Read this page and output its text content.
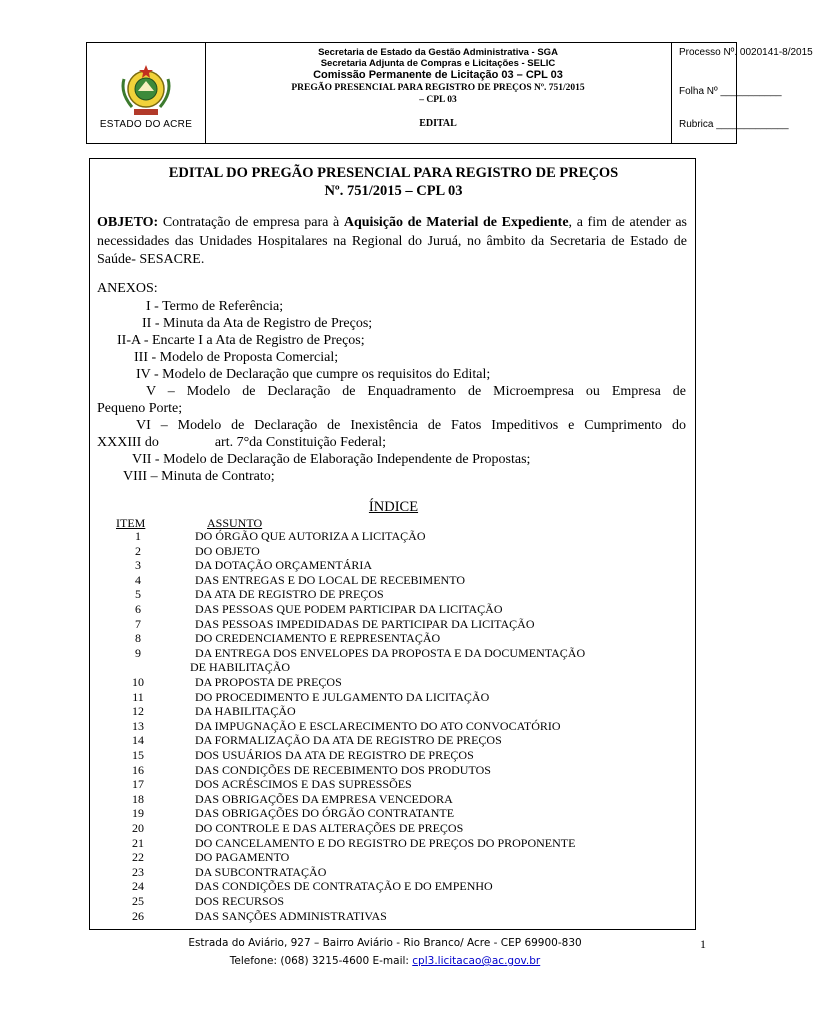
ESTADO DO ACRE
Secretaria de Estado da Gestão Administrativa - SGA
Secretaria Adjunta de Compras e Licitações - SELIC
Comissão Permanente de Licitação 03 – CPL 03
PREGÃO PRESENCIAL PARA REGISTRO DE PREÇOS Nº. 751/2015
– CPL 03
EDITAL
Processo Nº. 0020141-8/2015
Folha Nº ___________
Rubrica _____________
EDITAL DO PREGÃO PRESENCIAL PARA REGISTRO DE PREÇOS
Nº. 751/2015 – CPL 03
OBJETO: Contratação de empresa para à Aquisição de Material de Expediente, a fim de atender as necessidades das Unidades Hospitalares na Regional do Juruá, no âmbito da Secretaria de Estado de Saúde- SESACRE.
ANEXOS:
I - Termo de Referência;
II - Minuta da Ata de Registro de Preços;
II-A - Encarte I a Ata de Registro de Preços;
III - Modelo de Proposta Comercial;
IV - Modelo de Declaração que cumpre os requisitos do Edital;
V – Modelo de Declaração de Enquadramento de Microempresa ou Empresa de
Pequeno Porte;
VI – Modelo de Declaração de Inexistência de Fatos Impeditivos e Cumprimento do
XXXIII do                art. 7°da Constituição Federal;
VII - Modelo de Declaração de Elaboração Independente de Propostas;
VIII – Minuta de Contrato;
ÍNDICE
ITEM	ASSUNTO
1	DO ÓRGÃO QUE AUTORIZA A LICITAÇÃO
2	DO OBJETO
3	DA DOTAÇÃO ORÇAMENTÁRIA
4	DAS ENTREGAS E DO LOCAL DE RECEBIMENTO
5	DA ATA DE REGISTRO DE PREÇOS
6	DAS PESSOAS QUE PODEM PARTICIPAR DA LICITAÇÃO
7	DAS PESSOAS IMPEDIDADAS DE PARTICIPAR DA LICITAÇÃO
8	DO CREDENCIAMENTO E REPRESENTAÇÃO
9	DA ENTREGA DOS ENVELOPES DA PROPOSTA E DA DOCUMENTAÇÃO
DE HABILITAÇÃO
10	DA PROPOSTA DE PREÇOS
11	DO PROCEDIMENTO E JULGAMENTO DA LICITAÇÃO
12	DA HABILITAÇÃO
13	DA IMPUGNAÇÃO E ESCLARECIMENTO DO ATO CONVOCATÓRIO
14	DA FORMALIZAÇÃO DA ATA DE REGISTRO DE PREÇOS
15	DOS USUÁRIOS DA ATA DE REGISTRO DE PREÇOS
16	DAS CONDIÇÕES DE RECEBIMENTO DOS PRODUTOS
17	DOS ACRÉSCIMOS E DAS SUPRESSÕES
18	DAS OBRIGAÇÕES DA EMPRESA VENCEDORA
19	DAS OBRIGAÇÕES DO ÓRGÃO CONTRATANTE
20	DO CONTROLE E DAS ALTERAÇÕES DE PREÇOS
21	DO CANCELAMENTO E DO REGISTRO DE PREÇOS DO PROPONENTE
22	DO PAGAMENTO
23	DA SUBCONTRATAÇÃO
24	DAS CONDIÇÕES DE CONTRATAÇÃO E DO EMPENHO
25	DOS RECURSOS
26	DAS SANÇÕES ADMINISTRATIVAS
Estrada do Aviário, 927 – Bairro Aviário - Rio Branco/ Acre - CEP 69900-830
Telefone: (068) 3215-4600 E-mail: cpl3.licitacao@ac.gov.br
1
